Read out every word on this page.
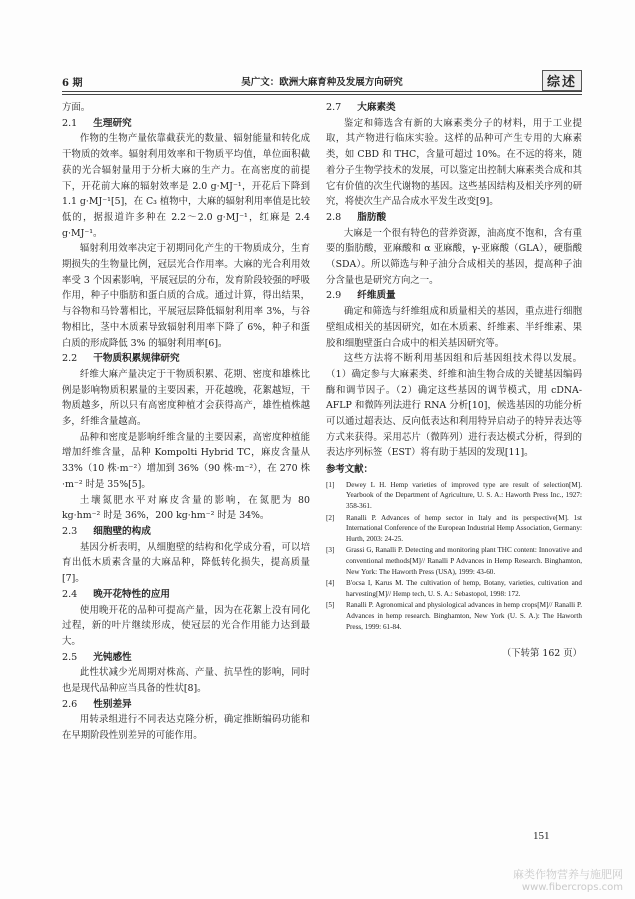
6 期	吴广文：欧洲大麻育种及发展方向研究	综述

方面。

2.1 生理研究

作物的生物产量依靠截获光的数量、辐射能量和转化成干物质的效率。辐射利用效率和干物质平均值，单位面积截获的光合辐射量用于分析大麻的生产力。在高密度的前提下，开花前大麻的辐射效率是 2.0 g·MJ⁻¹，开花后下降到 1.1 g·MJ⁻¹[5]，在 C₃ 植物中，大麻的辐射利用率值是比较低的，据报道许多种在 2.2～2.0 g·MJ⁻¹，红麻是 2.4 g·MJ⁻¹。

辐射利用效率决定于初期同化产生的干物质成分，生育期损失的生物量比例，冠层光合作用率。大麻的光合利用效率受 3 个因素影响，平展冠层的分布，发育阶段较强的呼吸作用，种子中脂肪和蛋白质的合成。通过计算，得出结果，与谷物和马铃薯相比，平展冠层降低辐射利用率 3%，与谷物相比，茎中木质素导致辐射利用率下降了 6%，种子和蛋白质的形成降低 3% 的辐射利用率[6]。

2.2 干物质积累规律研究

纤维大麻产量决定于干物质积累、花期、密度和雄株比例是影响物质积累量的主要因素，开花越晚，花絮越短，干物质越多，所以只有高密度种植才会获得高产，雄性植株越多，纤维含量越高。

品种和密度是影响纤维含量的主要因素，高密度种植能增加纤维含量，品种 Kompolti Hybrid TC，麻皮含量从 33%（10 株·m⁻²）增加到 36%（90 株·m⁻²），在 270 株·m⁻² 时是 35%[5]。

土壤氮肥水平对麻皮含量的影响，在氮肥为 80 kg·hm⁻² 时是 36%，200 kg·hm⁻² 时是 34%。

2.3 细胞壁的构成

基因分析表明，从细胞壁的结构和化学成分看，可以培育出低木质素含量的大麻品种，降低转化损失，提高质量[7]。

2.4 晚开花特性的应用

使用晚开花的品种可提高产量，因为在花絮上没有同化过程，新的叶片继续形成，使冠层的光合作用能力达到最大。

2.5 光钝感性

此性状减少光周期对株高、产量、抗旱性的影响，同时也是现代品种应当具备的性状[8]。

2.6 性别差异

用转录组进行不同表达克隆分析，确定推断编码功能和在早期阶段性别差异的可能作用。

2.7 大麻素类

鉴定和筛选含有新的大麻素类分子的材料，用于工业提取，其产物进行临床实验。这样的品种可产生专用的大麻素类，如 CBD 和 THC，含量可超过 10%。在不远的将来，随着分子生物学技术的发展，可以鉴定出控制大麻素类合成和其它有价值的次生代谢物的基因。这些基因结构及相关序列的研究，将使次生产品合成水平发生改变[9]。

2.8 脂肪酸

大麻是一个很有特色的营养资源，油高度不饱和，含有重要的脂肪酸，亚麻酸和 α 亚麻酸，γ-亚麻酸（GLA），硬脂酸（SDA）。所以筛选与种子油分合成相关的基因，提高种子油分含量也是研究方向之一。

2.9 纤维质量

确定和筛选与纤维组成和质量相关的基因，重点进行细胞壁组成相关的基因研究，如在木质素、纤维素、半纤维素、果胶和细胞壁蛋白合成中的相关基因研究等。

这些方法将不断利用基因组和后基因组技术得以发展。（1）确定参与大麻素类、纤维和油生物合成的关键基因编码酶和调节因子。（2）确定这些基因的调节模式，用 cDNA-AFLP 和微阵列法进行 RNA 分析[10]，候选基因的功能分析可以通过超表达、反向低表达和利用特异启动子的特异表达等方式来获得。采用芯片（微阵列）进行表达模式分析，得到的表达序列标签（EST）将有助于基因的发现[11]。

参考文献：
[1]	Dewey L H. Hemp varieties of improved type are result of selection[M]. Yearbook of the Department of Agriculture, U. S. A.: Haworth Press Inc., 1927: 358-361.
[2]	Ranalli P. Advances of hemp sector in Italy and its perspective[M]. 1st International Conference of the European Industrial Hemp Association, Germany: Hurth, 2003: 24-25.
[3]	Grassi G, Ranalli P. Detecting and monitoring plant THC content: Innovative and conventional methods[M]// Ranalli P Advances in Hemp Research. Binghamton, New York: The Haworth Press (USA), 1999: 43-60.
[4]	B'ocsa I, Karus M. The cultivation of hemp, Botany, varieties, cultivation and harvesting[M]// Hemp tech, U. S. A.: Sebastopol, 1998: 172.
[5]	Ranalli P. Agronomical and physiological advances in hemp crops[M]// Ranalli P. Advances in hemp research. Binghamton, New York (U. S. A.): The Haworth Press, 1999: 61-84.
（下转第 162 页）
151
麻类作物营养与施肥网
www.fibercrops.com
